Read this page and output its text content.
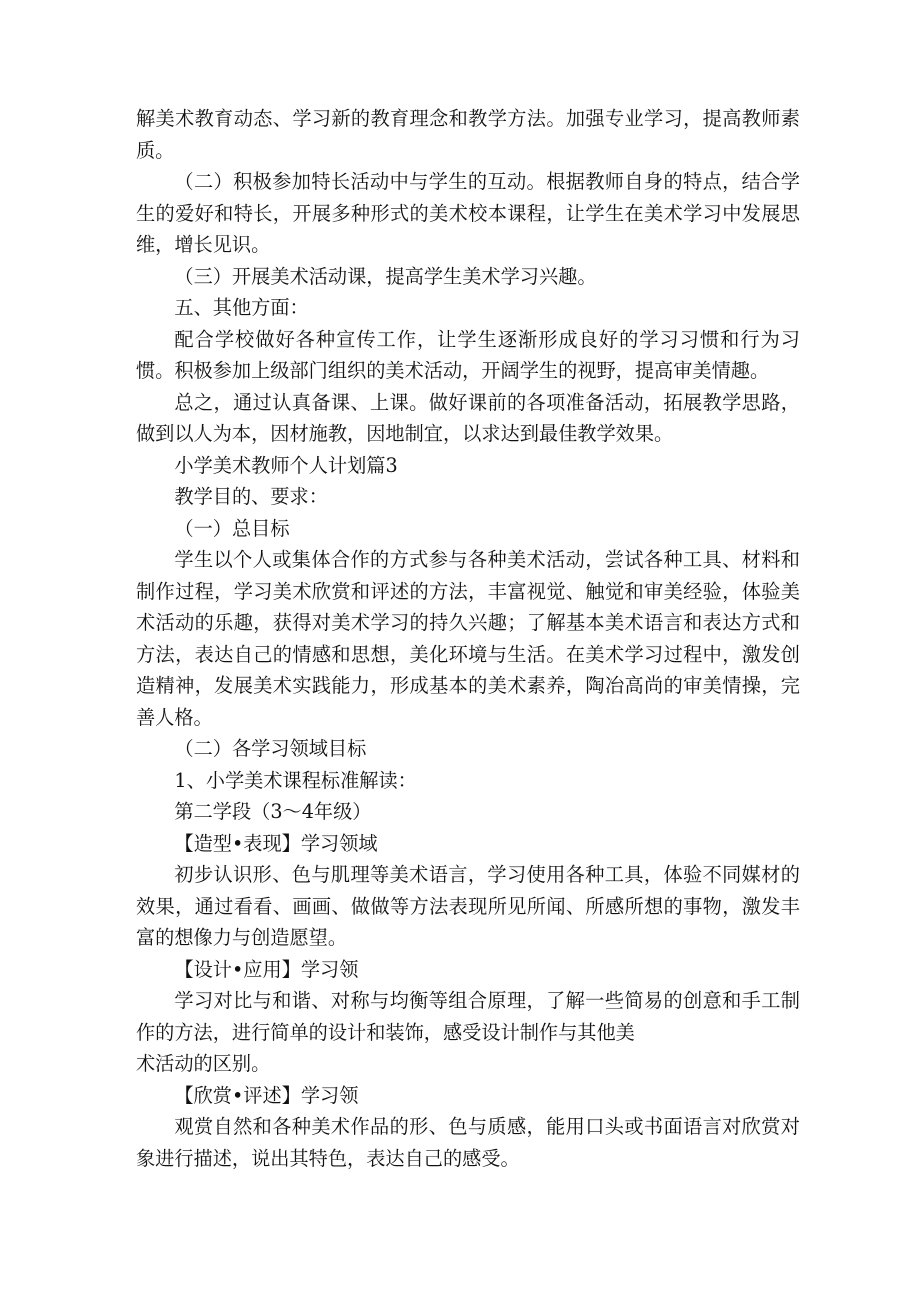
解美术教育动态、学习新的教育理念和教学方法。加强专业学习，提高教师素质。

（二）积极参加特长活动中与学生的互动。根据教师自身的特点，结合学生的爱好和特长，开展多种形式的美术校本课程，让学生在美术学习中发展思维，增长见识。

（三）开展美术活动课，提高学生美术学习兴趣。

五、其他方面：

配合学校做好各种宣传工作，让学生逐渐形成良好的学习习惯和行为习惯。积极参加上级部门组织的美术活动，开阔学生的视野，提高审美情趣。

总之，通过认真备课、上课。做好课前的各项准备活动，拓展教学思路，做到以人为本，因材施教，因地制宜，以求达到最佳教学效果。

小学美术教师个人计划篇3

教学目的、要求：

（一）总目标

学生以个人或集体合作的方式参与各种美术活动，尝试各种工具、材料和制作过程，学习美术欣赏和评述的方法，丰富视觉、触觉和审美经验，体验美术活动的乐趣，获得对美术学习的持久兴趣；了解基本美术语言和表达方式和方法，表达自己的情感和思想，美化环境与生活。在美术学习过程中，激发创造精神，发展美术实践能力，形成基本的美术素养，陶冶高尚的审美情操，完善人格。

（二）各学习领域目标

1、小学美术课程标准解读：

第二学段（3～4年级）

【造型•表现】学习领域

初步认识形、色与肌理等美术语言，学习使用各种工具，体验不同媒材的效果，通过看看、画画、做做等方法表现所见所闻、所感所想的事物，激发丰富的想像力与创造愿望。

【设计•应用】学习领

学习对比与和谐、对称与均衡等组合原理，了解一些简易的创意和手工制作的方法，进行简单的设计和装饰，感受设计制作与其他美

术活动的区别。

【欣赏•评述】学习领

观赏自然和各种美术作品的形、色与质感，能用口头或书面语言对欣赏对象进行描述，说出其特色，表达自己的感受。
